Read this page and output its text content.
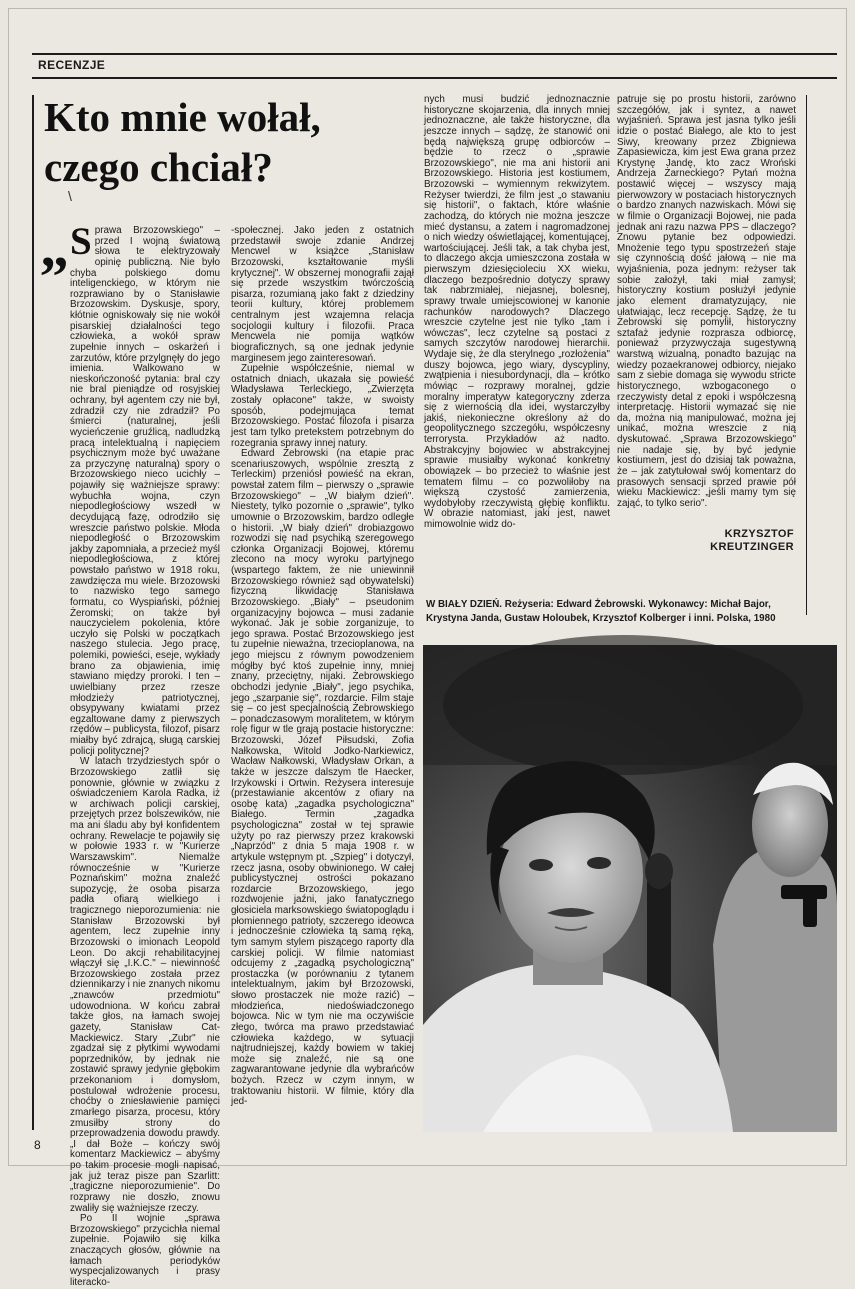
RECENZJE
Kto mnie wołał,
czego chciał?
\
„ Sprawa Brzozowskiego" – przed I wojną światową słowa te elektryzowały opinię publiczną. Nie było chyba polskiego domu inteligenckiego, w którym nie rozprawiano by o Stanisławie Brzozowskim. Dyskusje, spory, kłótnie ogniskowały się nie wokół pisarskiej działalności tego człowieka, a wokół spraw zupełnie innych – oskarżeń i zarzutów, które przylgnęły do jego imienia. Walkowano w nieskończoność pytania: bral czy nie bral pieniądze od rosyjskiej ochrany, był agentem czy nie był, zdradził czy nie zdradził? Po śmierci (naturalnej, jeśli wycieńczenie gruźlicą, nadludzką pracą intelektualną i napięciem psychicznym może być uważane za przyczynę naturalną) spory o Brzozowskiego nieco ucichły – pojawiły się ważniejsze sprawy: wybuchła wojna, czyn niepodległościowy wszedł w decydującą fazę, odrodziło się wreszcie państwo polskie. Młoda niepodległość o Brzozowskim jakby zapomniała, a przecież myśl niepodległościowa, z której powstało państwo w 1918 roku, zawdzięcza mu wiele. Brzozowski to nazwisko tego samego formatu, co Wyspiański, później Żeromski; on także był nauczycielem pokolenia, które uczyło się Polski w początkach naszego stulecia. Jego pracę, polemiki, powieści, eseje, wykłady brano za objawienia, imię stawiano między proroki. I ten – uwielbiany przez rzesze młodzieży patriotycznej, obsypywany kwiatami przez egzaltowane damy z pierwszych rzędów – publicysta, filozof, pisarz miałby być zdrajcą, sługą carskiej policji politycznej?

W latach trzydziestych spór o Brzozowskiego zatlił się ponownie, głównie w związku z oświadczeniem Karola Radka, iż w archiwach policji carskiej, przejętych przez bolszewików, nie ma ani śladu aby był konfidentem ochrany. Rewelacje te pojawiły się w połowie 1933 r. w "Kurierze Warszawskim". Niemalże równocześnie w "Kurierze Poznańskim" można znaleźć supozycję, że osoba pisarza padła ofiarą wielkiego i tragicznego nieporozumienia: nie Stanisław Brzozowski był agentem, lecz zupełnie inny Brzozowski o imionach Leopold Leon. Do akcji rehabilitacyjnej włączył się „I.K.C." – niewinność Brzozowskiego została przez dziennikarzy i nie znanych nikomu „znawców przedmiotu" udowodniona. W końcu zabrał także głos, na łamach swojej gazety, Stanisław Cat-Mackiewicz. Stary „Zubr" nie zgadzał się z płytkimi wywodami poprzedników, by jednak nie zostawić sprawy jedynie głębokim przekonaniom i domysłom, postulował wdrożenie procesu, choćby o zniesławienie pamięci zmarłego pisarza, procesu, który zmusiłby strony do przeprowadzenia dowodu prawdy. „I dał Boże – kończy swój komentarz Mackiewicz – abyśmy po takim procesie mogli napisać, jak już teraz pisze pan Szarlitt: „tragiczne nieporozumienie". Do rozprawy nie doszło, znowu zwaliły się ważniejsze rzeczy.

Po II wojnie „sprawa Brzozowskiego" przycichła niemal zupełnie. Pojawiło się kilka znaczących głosów, głównie na łamach periodyków wyspecjalizowanych i prasy literacko-

-społecznej. Jako jeden z ostatnich przedstawił swoje zdanie Andrzej Mencwel w książce „Stanisław Brzozowski, kształtowanie myśli krytycznej". W obszernej monografii zajął się przede wszystkim twórczością pisarza, rozumianą jako fakt z dziedziny teorii kultury, której problemem centralnym jest wzajemna relacja socjologii kultury i filozofii. Praca Mencwela nie pomija wątków biograficznych, są one jednak jedynie marginesem jego zainteresowań.

Zupełnie współcześnie, niemal w ostatnich dniach, ukazała się powieść Władysława Terleckiego, „Zwierzęta zostały opłacone" także, w swoisty sposób, podejmująca temat Brzozowskiego. Postać filozofa i pisarza jest tam tylko pretekstem potrzebnym do rozegrania sprawy innej natury.

Edward Żebrowski (na etapie prac scenariuszowych, wspólnie zresztą z Terleckim) przeniósł powieść na ekran, powstał zatem film – pierwszy o „sprawie Brzozowskiego" – „W białym dzień". Niestety, tylko pozornie o „sprawie", tylko umownie o Brzozowskim, bardzo odległe o historii. „W biały dzień" drobiazgowo rozwodzi się nad psychiką szeregowego członka Organizacji Bojowej, któremu zlecono na mocy wyroku partyjnego (wspartego faktem, że nie uniewinnił Brzozowskiego również sąd obywatelski) fizyczną likwidację Stanisława Brzozowskiego. „Biały" – pseudonim organizacyjny bojowca – musi zadanie wykonać. Jak je sobie zorganizuje, to jego sprawa. Postać Brzozowskiego jest tu zupełnie nieważna, trzecioplanowa, na jego miejscu z równym powodzeniem mógłby być ktoś zupełnie inny, mniej znany, przeciętny, nijaki. Żebrowskiego obchodzi jedynie „Biały", jego psychika, jego „szarpanie się", rozdarcie. Film staje się – co jest specjalnością Żebrowskiego – ponadczasowym moralitetem, w którym rolę figur w tle grają postacie historyczne: Brzozowski, Józef Piłsudski, Zofia Nałkowska, Witold Jodko-Narkiewicz, Wacław Nałkowski, Władysław Orkan, a także w jeszcze dalszym tle Haecker, Irzykowski i Ortwin. Reżysera interesuje (przestawianie akcentów z ofiary na osobę kata) „zagadka psychologiczna" Białego. Termin „zagadka psychologiczna" został w tej sprawie użyty po raz pierwszy przez krakowski „Naprzód" z dnia 5 maja 1908 r. w artykule wstępnym pt. „Szpieg" i dotyczył, rzecz jasna, osoby obwinionego. W całej publicystycznej ostrości pokazano rozdarcie Brzozowskiego, jego rozdwojenie jaźni, jako fanatycznego głosiciela marksowskiego światopoglądu i płomiennego patrioty, szczerego ideowca i jednocześnie człowieka tą samą ręką, tym samym stylem piszącego raporty dla carskiej policji. W filmie natomiast odcujemy z „zagadką psychologiczną" prostaczka (w porównaniu z tytanem intelektualnym, jakim był Brzozowski, słowo prostaczek nie może razić) – młodzieńca, niedoświadczonego bojowca. Nic w tym nie ma oczywiście złego, twórca ma prawo przedstawiać człowieka każdego, w sytuacji najtrudniejszej, każdy bowiem w takiej może się znaleźć, nie są one zagwarantowane jedynie dla wybrańców bożych. Rzecz w czym innym, w traktowaniu historii. W filmie, który dla jed-

nych musi budzić jednoznacznie historyczne skojarzenia, dla innych mniej jednoznaczne, ale także historyczne, dla jeszcze innych – sądzę, że stanowić oni będą największą grupę odbiorców – będzie to rzecz o „sprawie Brzozowskiego", nie ma ani historii ani Brzozowskiego. Historia jest kostiumem, Brzozowski – wymiennym rekwizytem. Reżyser twierdzi, że film jest „o stawaniu się historii", o faktach, które właśnie zachodzą, do których nie można jeszcze mieć dystansu, a zatem i nagromadzonej o nich wiedzy oświetlającej, komentującej, wartościującej. Jeśli tak, a tak chyba jest, to dlaczego akcja umieszczona została w pierwszym dziesięcioleciu XX wieku, dlaczego bezpośrednio dotyczy sprawy tak nabrzmiałej, niejasnej, bolesnej, sprawy trwale umiejscowionej w kanonie rachunków narodowych? Dlaczego wreszcie czytelne jest nie tylko „tam i wówczas", lecz czytelne są postaci z samych szczytów narodowej hierarchii. Wydaje się, że dla sterylnego „rozłożenia" duszy bojowca, jego wiary, dyscypliny, zwątpienia i niesubordynacji, dla – krótko mówiąc – rozprawy moralnej, gdzie moralny imperatyw kategoryczny zderza się z wiernością dla idei, wystarczyłby jakiś, niekonieczne określony aż do geopolitycznego szczegółu, współczesny terrorysta. Przykładów aż nadto. Abstrakcyjny bojowiec w abstrakcyjnej sprawie musiałby wykonać konkretny obowiązek – bo przecież to właśnie jest tematem filmu – co pozwoliłoby na większą czystość zamierzenia, wydobyłoby rzeczywistą głębię konfliktu. W obrazie natomiast, jaki jest, nawet mimowolnie widz do-

patruje się po prostu historii, zarówno szczegółów, jak i syntez, a nawet wyjaśnień. Sprawa jest jasna tylko jeśli idzie o postać Białego, ale kto to jest Siwy, kreowany przez Zbigniewa Zapasiewicza, kim jest Ewa grana przez Krystynę Jandę, kto zacz Wroński Andrzeja Żarneckiego? Pytań można postawić więcej – wszyscy mają pierwowzory w postaciach historycznych o bardzo znanych nazwiskach. Mówi się w filmie o Organizacji Bojowej, nie pada jednak ani razu nazwa PPS – dlaczego? Znowu pytanie bez odpowiedzi. Mnożenie tego typu spostrzeżeń staje się czynnością dość jałową – nie ma wyjaśnienia, poza jednym: reżyser tak sobie założył, taki miał zamysł; historyczny kostium posłużył jedynie jako element dramatyzujący, nie ułatwiając, lecz recepcję. Sądzę, że tu Żebrowski się pomylił, historyczny sztafaż jedynie rozprasza odbiorcę, ponieważ przyzwyczaja sugestywną warstwą wizualną, ponadto bazując na wiedzy pozaekranowej odbiorcy, niejako sam z siebie domaga się wywodu stricte historycznego, wzbogaconego o rzeczywisty detal z epoki i współczesną interpretację. Historii wymazać się nie da, można nią manipulować, można jej unikać, można wreszcie z nią dyskutować. „Sprawa Brzozowskiego" nie nadaje się, by być jedynie kostiumem, jest do dzisiaj tak poważna, że – jak zatytułował swój komentarz do prasowych sensacji sprzed prawie pół wieku Mackiewicz: „jeśli mamy tym się zająć, to tylko serio".

KRZYSZTOF
KREUTZINGER
W BIAŁY DZIEŃ. Reżyseria: Edward Żebrowski. Wykonawcy: Michał Bajor, Krystyna Janda, Gustaw Holoubek, Krzysztof Kolberger i inni. Polska, 1980
8
